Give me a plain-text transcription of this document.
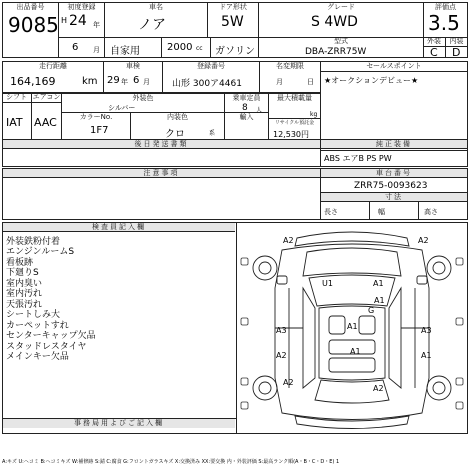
出品番号
9085
初度登録
H 24 年
車名
ノア
ドア形状
5W
グレード
S 4WD
評価点
3.5
6 月 自家用	2000 cc ガソリン
型式
DBA-ZRR75W
外装	内装
C D
走行距離
164,169	km
車検
29 年 6 月
登録番号
山形 300ア4461
名変期限
月	日
セールスポイント
★オークションデビュー★
シフト エアコン
IAT AAC
外装色
シルバー
乗車定員
8 人
最大積載量
kg
カラーNo.
1F7
内装色
クロ	系
輸入
リサイクル預託金
12,530円
後日発送書類	純正装備
ABS エアB PS PW
注意事項	車台番号
ZRR75-0093623
寸法
長さ	幅	高さ
検査員記入欄
外装鉄粉付着
エンジンルームS
看板跡
下廻りS
室内臭い
室内汚れ
天張汚れ
シートしみ大
カーペットすれ
センターキャップ欠品
スタッドレスタイヤ
メインキー欠品
事務局用よびご記入欄
A2	A2
U1	A1
A1
G
A1
A3	A3
A1
A2	A1
A2
A2
A:キズ U:ヘコミ B:ヘコミキズ W:補修跡 S:錆 C:腐食 G:フロントガラスキズ X:交換済み XX:要交換 内・外装評価 S:最高ランク順(A・B・C・D・E) 1
